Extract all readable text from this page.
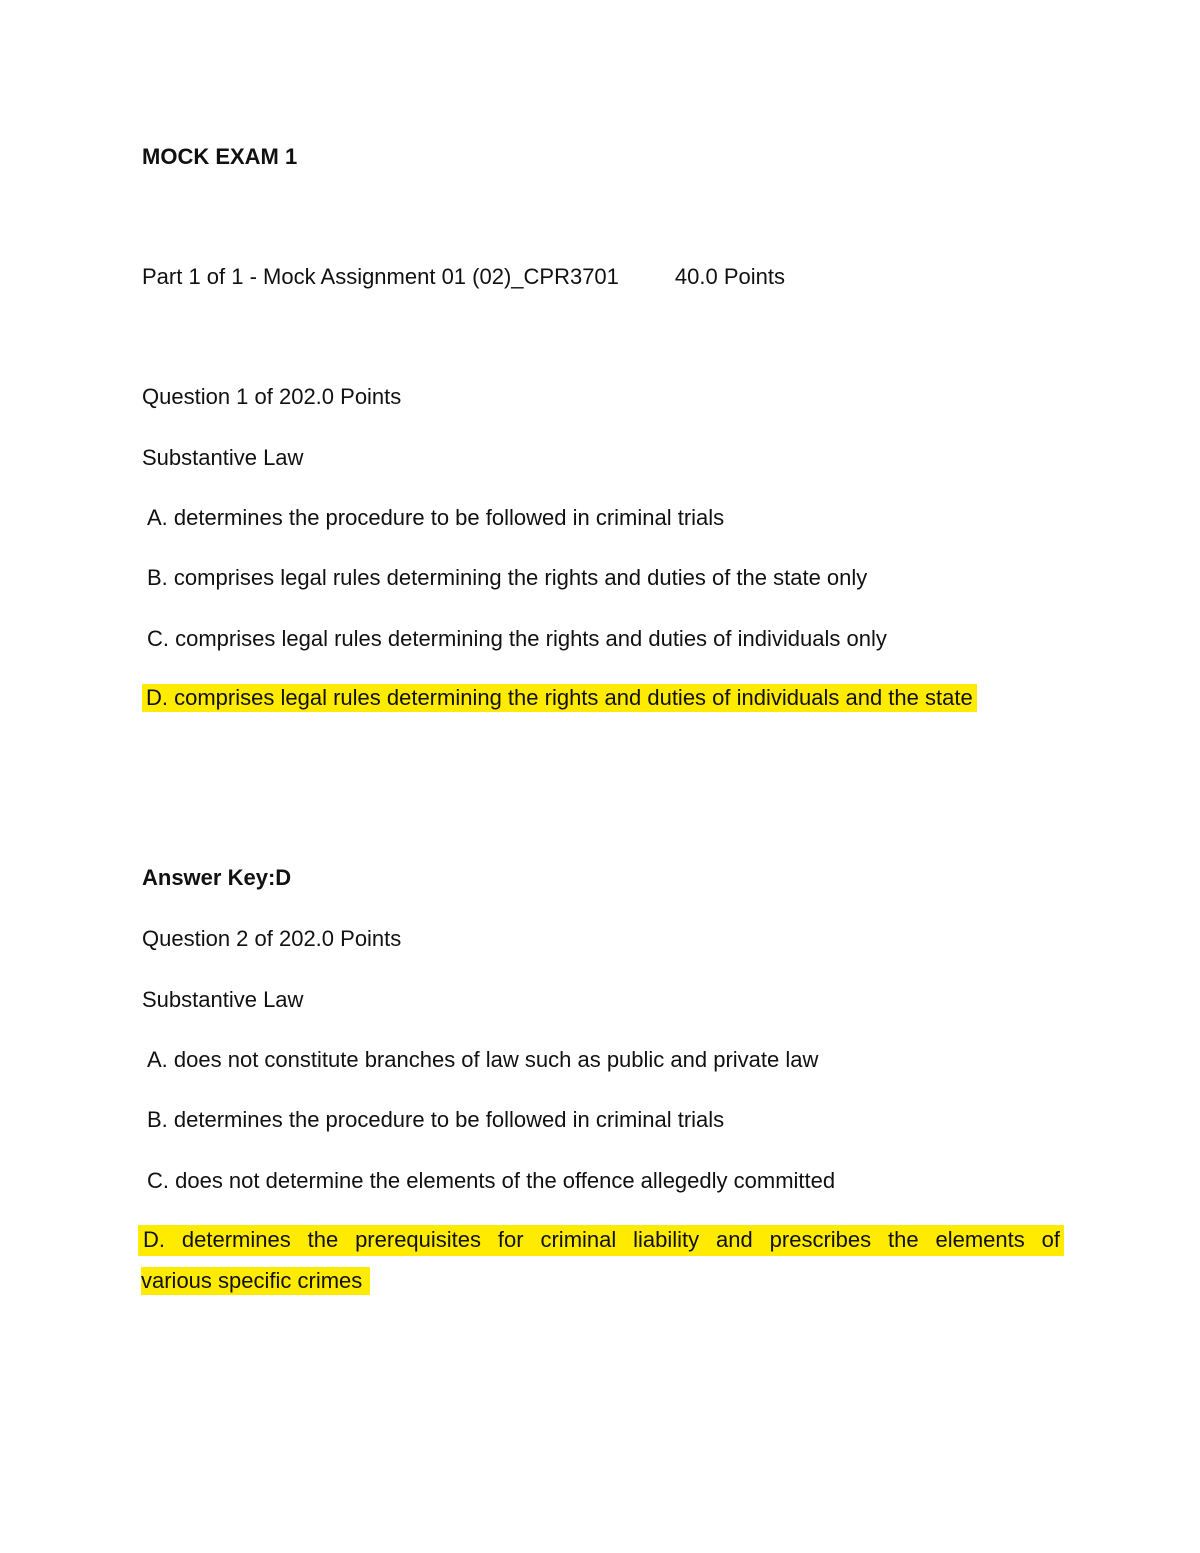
MOCK EXAM 1
Part 1 of 1 - Mock Assignment 01 (02)_CPR3701	40.0 Points
Question 1 of 202.0 Points
Substantive Law
A. determines the procedure to be followed in criminal trials
B. comprises legal rules determining the rights and duties of the state only
C. comprises legal rules determining the rights and duties of individuals only
D. comprises legal rules determining the rights and duties of individuals and the state
Answer Key:D
Question 2 of 202.0 Points
Substantive Law
A. does not constitute branches of law such as public and private law
B. determines the procedure to be followed in criminal trials
C. does not determine the elements of the offence allegedly committed
D. determines the prerequisites for criminal liability and prescribes the elements of
various specific crimes
